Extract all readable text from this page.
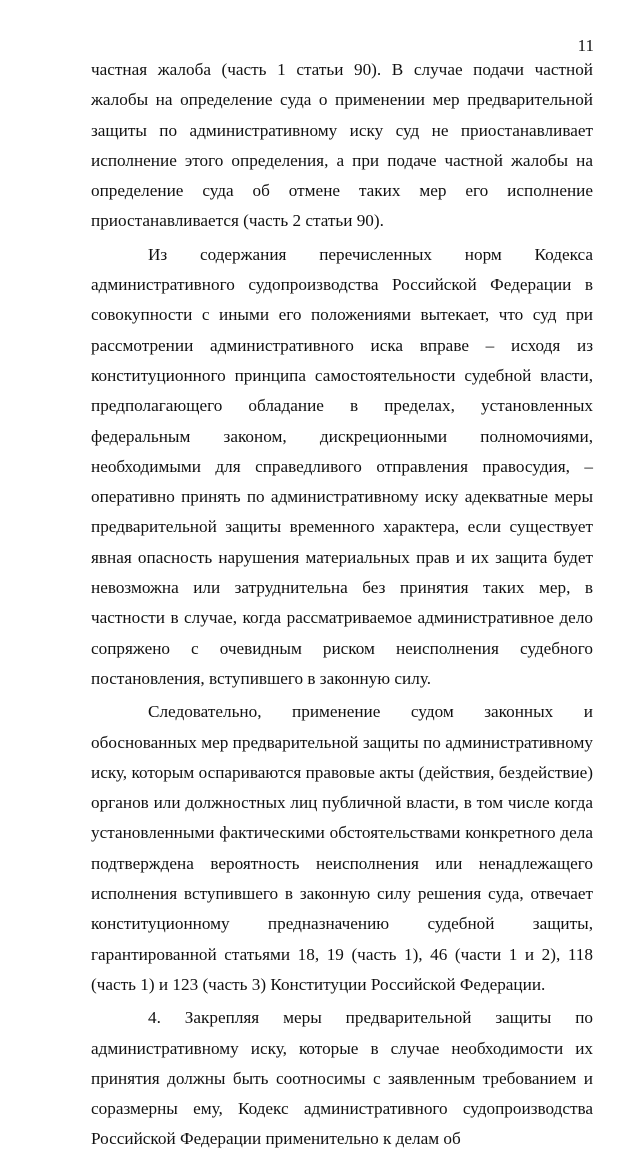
11

частная жалоба (часть 1 статьи 90). В случае подачи частной жалобы на определение суда о применении мер предварительной защиты по административному иску суд не приостанавливает исполнение этого определения, а при подаче частной жалобы на определение суда об отмене таких мер его исполнение приостанавливается (часть 2 статьи 90).

Из содержания перечисленных норм Кодекса административного судопроизводства Российской Федерации в совокупности с иными его положениями вытекает, что суд при рассмотрении административного иска вправе – исходя из конституционного принципа самостоятельности судебной власти, предполагающего обладание в пределах, установленных федеральным законом, дискреционными полномочиями, необходимыми для справедливого отправления правосудия, – оперативно принять по административному иску адекватные меры предварительной защиты временного характера, если существует явная опасность нарушения материальных прав и их защита будет невозможна или затруднительна без принятия таких мер, в частности в случае, когда рассматриваемое административное дело сопряжено с очевидным риском неисполнения судебного постановления, вступившего в законную силу.

Следовательно, применение судом законных и обоснованных мер предварительной защиты по административному иску, которым оспариваются правовые акты (действия, бездействие) органов или должностных лиц публичной власти, в том числе когда установленными фактическими обстоятельствами конкретного дела подтверждена вероятность неисполнения или ненадлежащего исполнения вступившего в законную силу решения суда, отвечает конституционному предназначению судебной защиты, гарантированной статьями 18, 19 (часть 1), 46 (части 1 и 2), 118 (часть 1) и 123 (часть 3) Конституции Российской Федерации.

4. Закрепляя меры предварительной защиты по административному иску, которые в случае необходимости их принятия должны быть соотносимы с заявленным требованием и соразмерны ему, Кодекс административного судопроизводства Российской Федерации применительно к делам об
